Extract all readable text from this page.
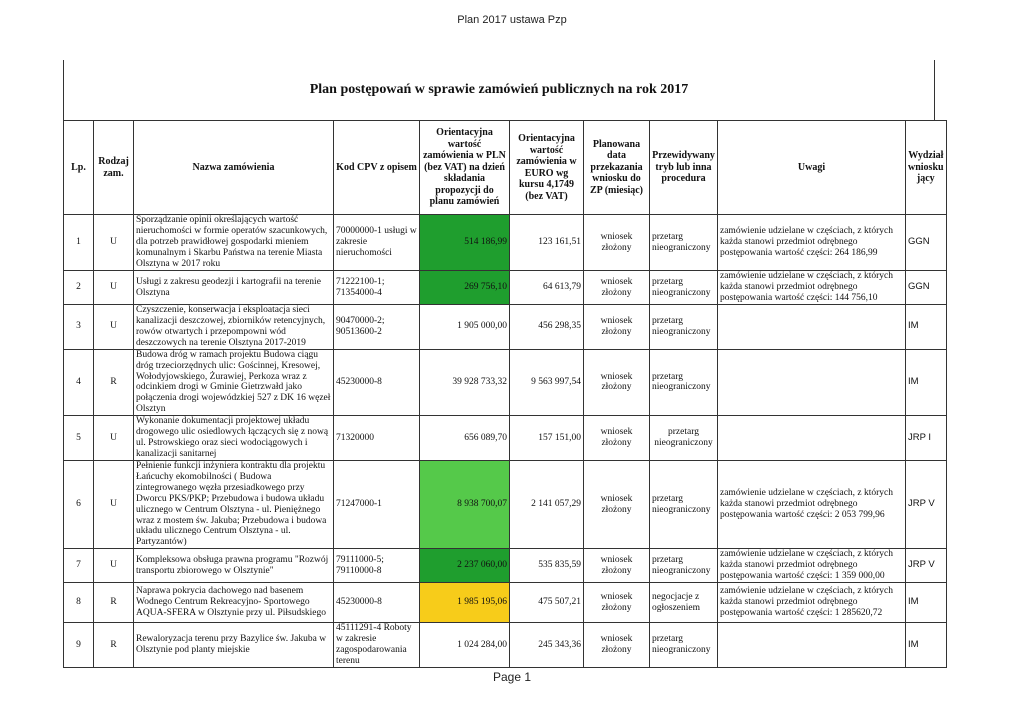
Plan 2017 ustawa Pzp
Plan postępowań w sprawie zamówień publicznych na rok 2017
Lp.	Rodzaj zam.	Nazwa zamówienia	Kod CPV z opisem	Orientacyjna wartość zamówienia w PLN (bez VAT) na dzień składania propozycji do planu zamówień	Orientacyjna wartość zamówienia w EURO wg kursu 4,1749 (bez VAT)	Planowana data przekazania wniosku do ZP (miesiąc)	Przewidywany tryb lub inna procedura	Uwagi	Wydział wniosku jący
1	U	Sporządzanie opinii określających wartość nieruchomości w formie operatów szacunkowych, dla potrzeb prawidłowej gospodarki mieniem komunalnym i Skarbu Państwa na terenie Miasta Olsztyna w 2017 roku	70000000-1 usługi w zakresie nieruchomości	514 186,99	123 161,51	wniosek złożony	przetarg nieograniczony	zamówienie udzielane w częściach, z których każda stanowi przedmiot odrębnego postępowania wartość części: 264 186,99	GGN
2	U	Usługi z zakresu geodezji i kartografii na terenie Olsztyna	71222100-1; 71354000-4	269 756,10	64 613,79	wniosek złożony	przetarg nieograniczony	zamówienie udzielane w częściach, z których każda stanowi przedmiot odrębnego postępowania wartość części: 144 756,10	GGN
3	U	Czyszczenie, konserwacja i eksploatacja sieci kanalizacji deszczowej, zbiorników retencyjnych, rowów otwartych i przepompowni wód deszczowych na terenie Olsztyna 2017-2019	90470000-2; 90513600-2	1 905 000,00	456 298,35	wniosek złożony	przetarg nieograniczony		IM
4	R	Budowa dróg w ramach projektu Budowa ciągu dróg trzeciorzędnych ulic: Gościnnej, Kresowej, Wołodyjowskiego, Żurawiej, Perkoza wraz z odcinkiem drogi w Gminie Gietrzwałd jako połączenia drogi wojewódzkiej 527 z DK 16 węzeł Olsztyn	45230000-8	39 928 733,32	9 563 997,54	wniosek złożony	przetarg nieograniczony		IM
5	U	Wykonanie dokumentacji projektowej układu drogowego ulic osiedlowych łączących się z nową ul. Pstrowskiego oraz sieci wodociągowych i kanalizacji sanitarnej	71320000	656 089,70	157 151,00	wniosek złożony	przetarg nieograniczony		JRP I
6	U	Pełnienie funkcji inżyniera kontraktu dla projektu Łańcuchy ekomobilności ( Budowa zintegrowanego węzła przesiadkowego przy Dworcu PKS/PKP; Przebudowa i budowa układu ulicznego w Centrum Olsztyna - ul. Pieniężnego wraz z mostem św. Jakuba; Przebudowa i budowa układu ulicznego Centrum Olsztyna - ul. Partyzantów)	71247000-1	8 938 700,07	2 141 057,29	wniosek złożony	przetarg nieograniczony	zamówienie udzielane w częściach, z których każda stanowi przedmiot odrębnego postępowania wartość części: 2 053 799,96	JRP V
7	U	Kompleksowa obsługa prawna programu "Rozwój transportu zbiorowego w Olsztynie"	79111000-5; 79110000-8	2 237 060,00	535 835,59	wniosek złożony	przetarg nieograniczony	zamówienie udzielane w częściach, z których każda stanowi przedmiot odrębnego postępowania wartość części: 1 359 000,00	JRP V
8	R	Naprawa pokrycia dachowego nad basenem Wodnego Centrum Rekreacyjno- Sportowego AQUA-SFERA w Olsztynie przy ul. Piłsudskiego	45230000-8	1 985 195,06	475 507,21	wniosek złożony	negocjacje z ogłoszeniem	zamówienie udzielane w częściach, z których każda stanowi przedmiot odrębnego postępowania wartość części: 1 285620,72	IM
9	R	Rewaloryzacja terenu przy Bazylice św. Jakuba w Olsztynie pod planty miejskie	45111291-4 Roboty w zakresie zagospodarowania terenu	1 024 284,00	245 343,36	wniosek złożony	przetarg nieograniczony		IM
Page 1
